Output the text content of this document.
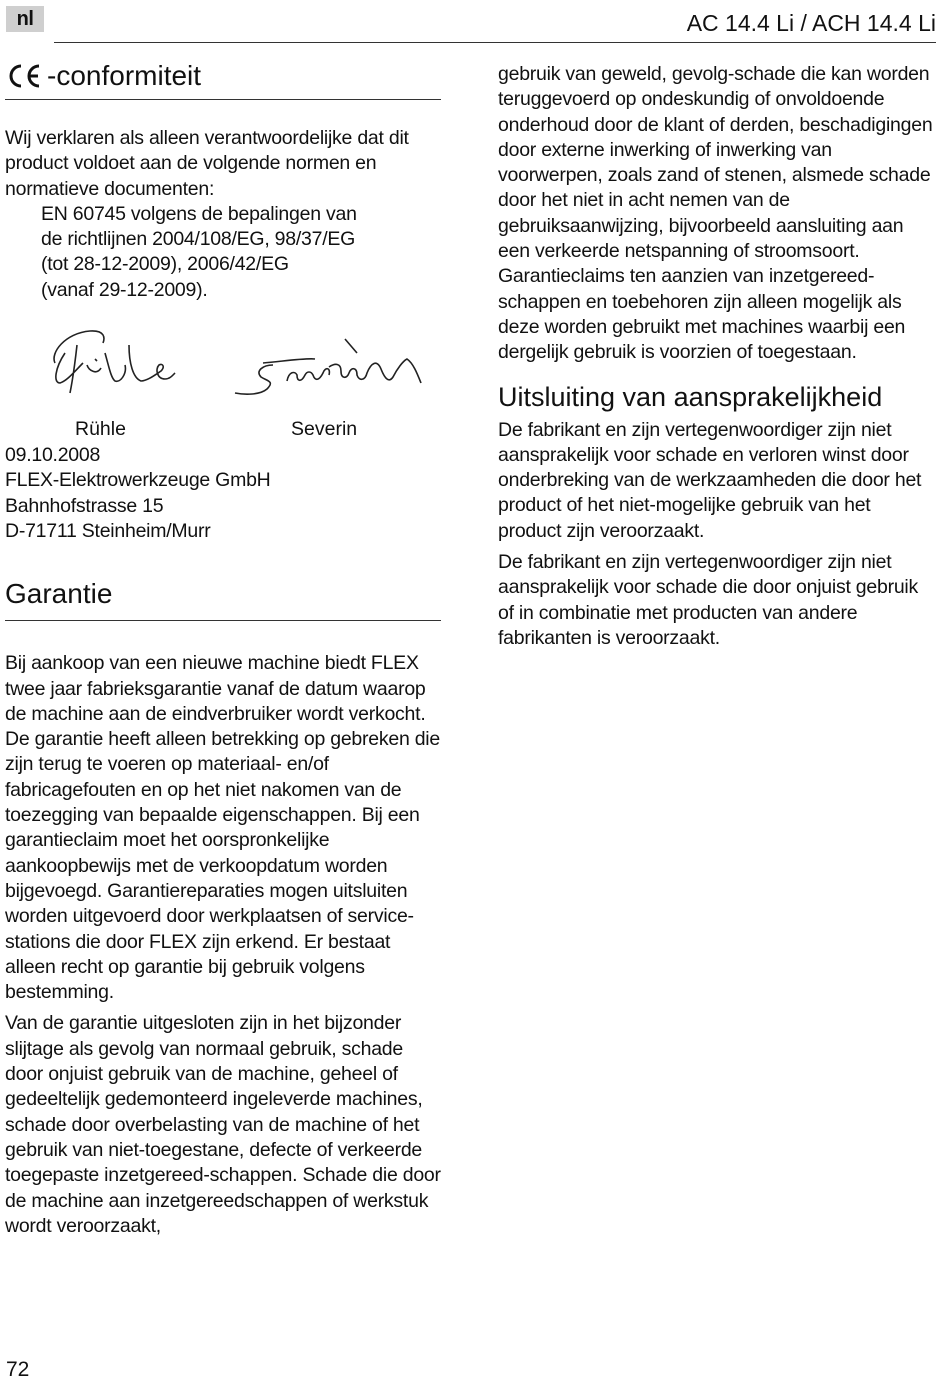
nl	AC 14.4 Li / ACH 14.4 Li
-conformiteit

Wij verklaren als alleen verantwoordelijke dat dit product voldoet aan de volgende normen en normatieve documenten:

EN 60745 volgens de bepalingen van

de richtlijnen 2004/108/EG, 98/37/EG

(tot 28-12-2009), 2006/42/EG

(vanaf 29-12-2009).

Rühle	Severin

09.10.2008

FLEX-Elektrowerkzeuge GmbH

Bahnhofstrasse 15

D-71711 Steinheim/Murr

Garantie

Bij aankoop van een nieuwe machine biedt FLEX twee jaar fabrieksgarantie vanaf de datum waarop de machine aan de eindverbruiker wordt verkocht. De garantie heeft alleen betrekking op gebreken die zijn terug te voeren op materiaal- en/of fabricagefouten en op het niet nakomen van de toezegging van bepaalde eigenschappen. Bij een garantieclaim moet het oorspronkelijke aankoopbewijs met de verkoopdatum worden bijgevoegd. Garantiereparaties mogen uitsluiten worden uitgevoerd door werkplaatsen of service-stations die door FLEX zijn erkend. Er bestaat alleen recht op garantie bij gebruik volgens bestemming.

Van de garantie uitgesloten zijn in het bijzonder slijtage als gevolg van normaal gebruik, schade door onjuist gebruik van de machine, geheel of gedeeltelijk gedemonteerd ingeleverde machines, schade door overbelasting van de machine of het gebruik van niet-toegestane, defecte of verkeerde toegepaste inzetgereed-schappen. Schade die door de machine aan inzetgereedschappen of werkstuk wordt veroorzaakt,

gebruik van geweld, gevolg-schade die kan worden teruggevoerd op ondeskundig of onvoldoende onderhoud door de klant of derden, beschadigingen door externe inwerking of inwerking van voorwerpen, zoals zand of stenen, alsmede schade door het niet in acht nemen van de gebruiksaanwijzing, bijvoorbeeld aansluiting aan een verkeerde netspanning of stroomsoort.

Garantieclaims ten aanzien van inzetgereed-schappen en toebehoren zijn alleen mogelijk als deze worden gebruikt met machines waarbij een dergelijk gebruik is voorzien of toegestaan.

Uitsluiting van aansprakelijkheid

De fabrikant en zijn vertegenwoordiger zijn niet aansprakelijk voor schade en verloren winst door onderbreking van de werkzaamheden die door het product of het niet-mogelijke gebruik van het product zijn veroorzaakt.

De fabrikant en zijn vertegenwoordiger zijn niet aansprakelijk voor schade die door onjuist gebruik of in combinatie met producten van andere fabrikanten is veroorzaakt.

72
